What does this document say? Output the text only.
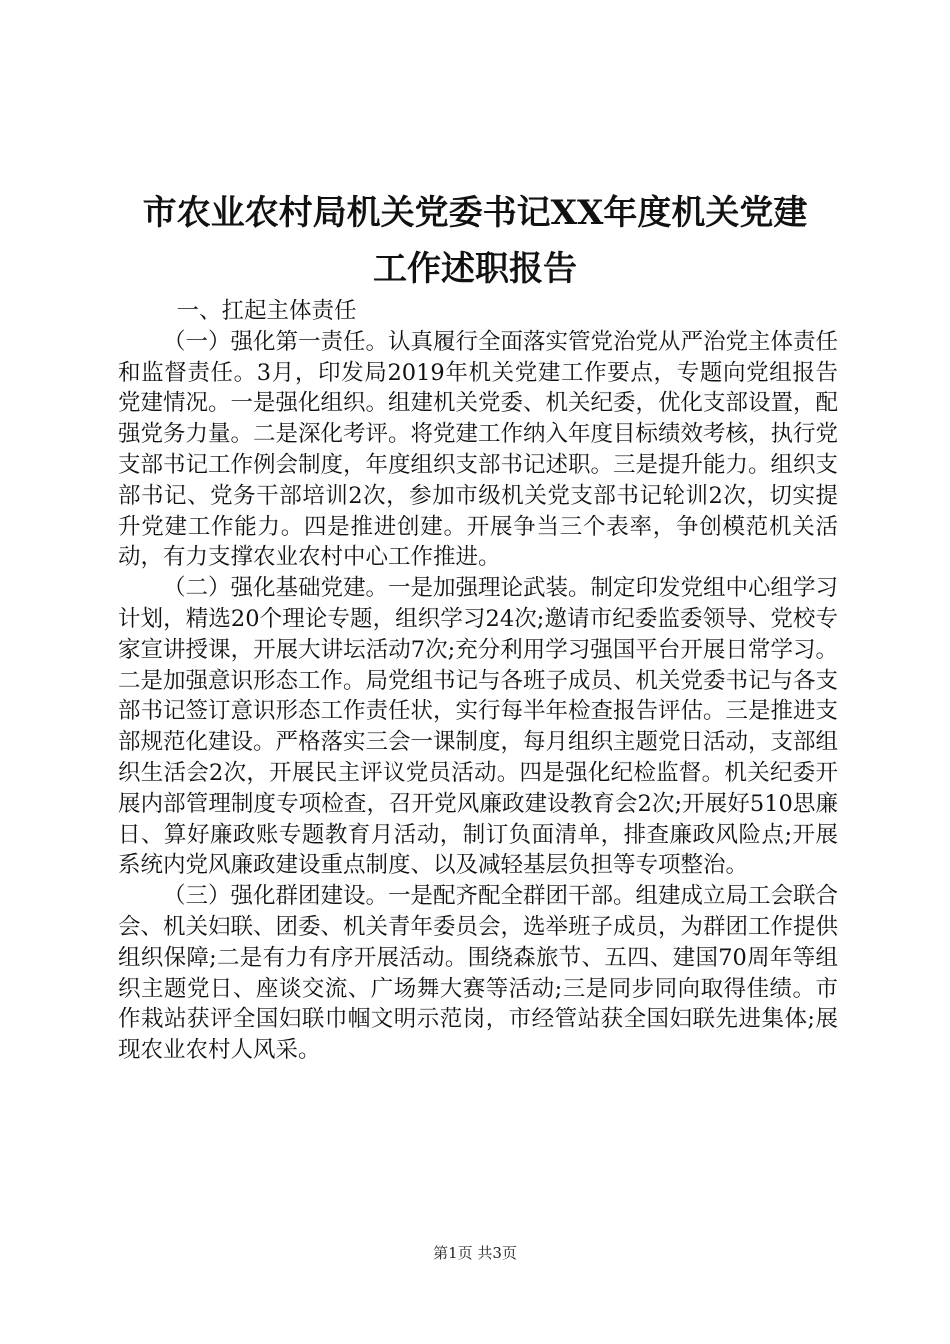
市农业农村局机关党委书记XX年度机关党建
工作述职报告

一、扛起主体责任

（一）强化第一责任。认真履行全面落实管党治党从严治党主体责任和监督责任。3月，印发局2019年机关党建工作要点，专题向党组报告党建情况。一是强化组织。组建机关党委、机关纪委，优化支部设置，配强党务力量。二是深化考评。将党建工作纳入年度目标绩效考核，执行党支部书记工作例会制度，年度组织支部书记述职。三是提升能力。组织支部书记、党务干部培训2次，参加市级机关党支部书记轮训2次，切实提升党建工作能力。四是推进创建。开展争当三个表率，争创模范机关活动，有力支撑农业农村中心工作推进。

（二）强化基础党建。一是加强理论武装。制定印发党组中心组学习计划，精选20个理论专题，组织学习24次;邀请市纪委监委领导、党校专家宣讲授课，开展大讲坛活动7次;充分利用学习强国平台开展日常学习。二是加强意识形态工作。局党组书记与各班子成员、机关党委书记与各支部书记签订意识形态工作责任状，实行每半年检查报告评估。三是推进支部规范化建设。严格落实三会一课制度，每月组织主题党日活动，支部组织生活会2次，开展民主评议党员活动。四是强化纪检监督。机关纪委开展内部管理制度专项检查，召开党风廉政建设教育会2次;开展好510思廉日、算好廉政账专题教育月活动，制订负面清单，排查廉政风险点;开展系统内党风廉政建设重点制度、以及减轻基层负担等专项整治。

（三）强化群团建设。一是配齐配全群团干部。组建成立局工会联合会、机关妇联、团委、机关青年委员会，选举班子成员，为群团工作提供组织保障;二是有力有序开展活动。围绕森旅节、五四、建国70周年等组织主题党日、座谈交流、广场舞大赛等活动;三是同步同向取得佳绩。市作栽站获评全国妇联巾帼文明示范岗，市经管站获全国妇联先进集体;展现农业农村人风采。

第1页 共3页
